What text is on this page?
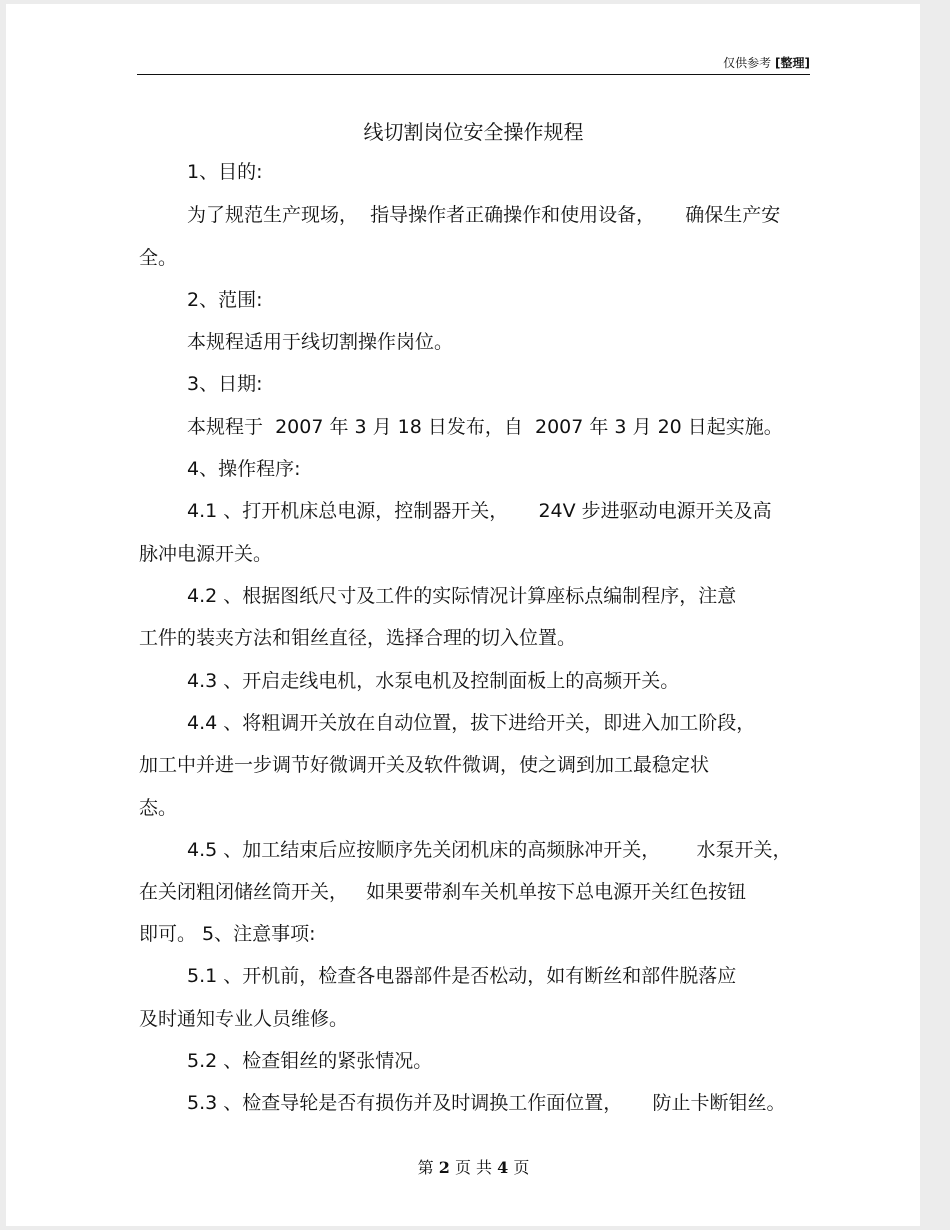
仅供参考 [整理]
线切割岗位安全操作规程
1、目的:
为了规范生产现场，  指导操作者正确操作和使用设备，     确保生产安
全。
2、范围:
本规程适用于线切割操作岗位。
3、日期:
本规程于  2007 年 3 月 18 日发布，自  2007 年 3 月 20 日起实施。
4、操作程序:
4.1 、打开机床总电源，控制器开关，     24V 步进驱动电源开关及高
脉冲电源开关。
4.2 、根据图纸尺寸及工件的实际情况计算座标点编制程序，注意
工件的装夹方法和钼丝直径，选择合理的切入位置。
4.3 、开启走线电机，水泵电机及控制面板上的高频开关。
4.4 、将粗调开关放在自动位置，拔下进给开关，即进入加工阶段，
加工中并进一步调节好微调开关及软件微调，使之调到加工最稳定状
态。
4.5 、加工结束后应按顺序先关闭机床的高频脉冲开关，      水泵开关，
在关闭粗闭储丝筒开关，   如果要带刹车关机单按下总电源开关红色按钮
即可。 5、注意事项:
5.1 、开机前，检查各电器部件是否松动，如有断丝和部件脱落应
及时通知专业人员维修。
5.2 、检查钼丝的紧张情况。
5.3 、检查导轮是否有损伤并及时调换工作面位置，     防止卡断钼丝。
第 2 页 共 4 页
